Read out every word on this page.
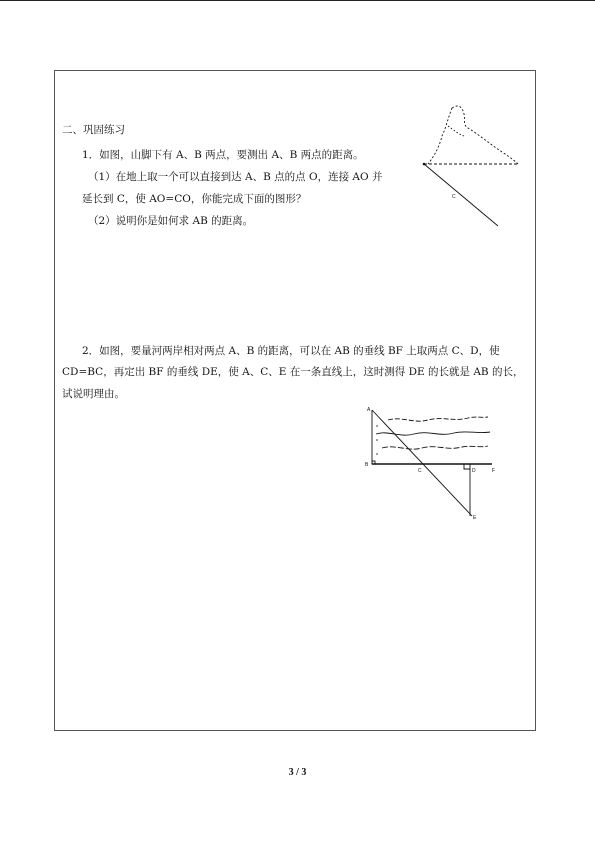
二、巩固练习
1．如图，山脚下有 A、B 两点，要测出 A、B 两点的距离。
（1）在地上取一个可以直接到达 A、B 点的点 O，连接 AO 并
延长到 C，使 AO=CO，你能完成下面的图形？
（2）说明你是如何求 AB 的距离。
C
2．如图，要量河两岸相对两点 A、B 的距离，可以在 AB 的垂线 BF 上取两点 C、D，使
CD=BC，再定出 BF 的垂线 DE，使 A、C、E 在一条直线上，这时测得 DE 的长就是 AB 的长，
试说明理由。
A
B
C	D	F
E
3 / 3
